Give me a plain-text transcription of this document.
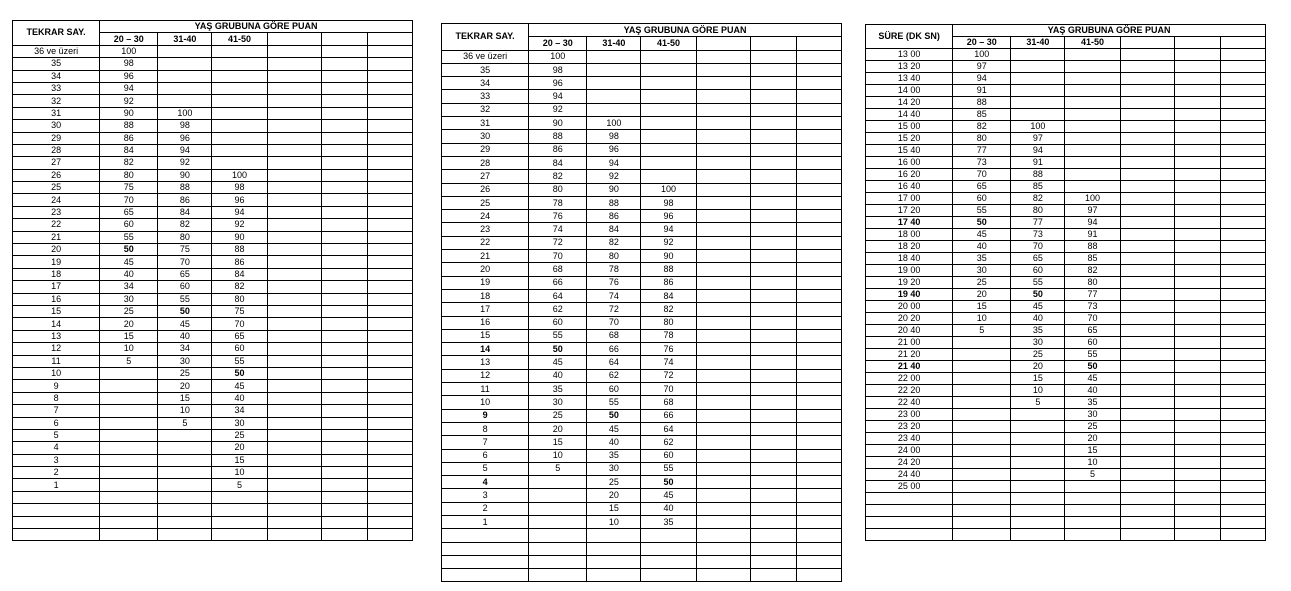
TEKRAR SAY.	YAŞ GRUBUNA GÖRE PUAN					
	20 – 30	31-40	41-50			
36 ve üzeri	100					
35	98					
34	96					
33	94					
32	92					
31	90	100				
30	88	98				
29	86	96				
28	84	94				
27	82	92				
26	80	90	100			
25	75	88	98			
24	70	86	96			
23	65	84	94			
22	60	82	92			
21	55	80	90			
20	50	75	88			
19	45	70	86			
18	40	65	84			
17	34	60	82			
16	30	55	80			
15	25	50	75			
14	20	45	70			
13	15	40	65			
12	10	34	60			
11	5	30	55			
10		25	50			
9		20	45			
8		15	40			
7		10	34			
6		5	30			
5			25			
4			20			
3			15			
2			10			
1			5			

TEKRAR SAY.	YAŞ GRUBUNA GÖRE PUAN					
	20 – 30	31-40	41-50			
36 ve üzeri	100					
35	98					
34	96					
33	94					
32	92					
31	90	100				
30	88	98				
29	86	96				
28	84	94				
27	82	92				
26	80	90	100			
25	78	88	98			
24	76	86	96			
23	74	84	94			
22	72	82	92			
21	70	80	90			
20	68	78	88			
19	66	76	86			
18	64	74	84			
17	62	72	82			
16	60	70	80			
15	55	68	78			
14	50	66	76			
13	45	64	74			
12	40	62	72			
11	35	60	70			
10	30	55	68			
9	25	50	66			
8	20	45	64			
7	15	40	62			
6	10	35	60			
5	5	30	55			
4		25	50			
3		20	45			
2		15	40			
1		10	35			

SÜRE (DK SN)	YAŞ GRUBUNA GÖRE PUAN					
	20 – 30	31-40	41-50			
13 00	100					
13 20	97					
13 40	94					
14 00	91					
14 20	88					
14 40	85					
15 00	82	100				
15 20	80	97				
15 40	77	94				
16 00	73	91				
16 20	70	88				
16 40	65	85				
17 00	60	82	100			
17 20	55	80	97			
17 40	50	77	94			
18 00	45	73	91			
18 20	40	70	88			
18 40	35	65	85			
19 00	30	60	82			
19 20	25	55	80			
19 40	20	50	77			
20 00	15	45	73			
20 20	10	40	70			
20 40	5	35	65			
21 00		30	60			
21 20		25	55			
21 40		20	50			
22 00		15	45			
22 20		10	40			
22 40		5	35			
23 00			30			
23 20			25			
23 40			20			
24 00			15			
24 20			10			
24 40			5			
25 00						
